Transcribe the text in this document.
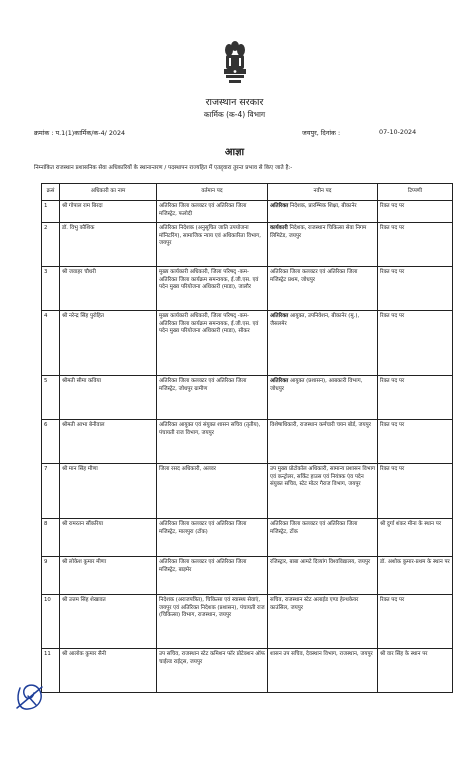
राजस्थान सरकार
कार्मिक (क-4) विभाग
क्रमांक : प.1(1)कार्मिक/क-4/ 2024	जयपुर, दिनांक :	07-10-2024
आज्ञा
निम्नांकित राजस्थान प्रशासनिक सेवा अधिकारियों के स्थानान्तरण / पदस्थापन राज्यहित में एतद्द्वारा तुरन्त प्रभाव से किए जाते है:-
क्रसं	अधिकारी का नाम	वर्तमान पद	नवीन पद	टिप्पणी
1	श्री गोपाल राम बिरदा	अतिरिक्त जिला कलक्टर एवं अतिरिक्त जिला मजिस्ट्रेट, फलोदी	अतिरिक्त निदेशक, प्रारम्भिक शिक्षा, बीकानेर	रिक्त पद पर
2	डॉ. विभु कौशिक	अतिरिक्त निदेशक (अनुसूचित जाति उपयोजना मॉनिटरिंग), सामाजिक न्याय एवं अधिकारिता विभाग, जयपुर	कार्यकारी निदेशक, राजस्थान चिकित्सा सेवा निगम लिमिटेड, जयपुर	रिक्त पद पर
3	श्री जवाहर चौधरी	मुख्य कार्यकारी अधिकारी, जिला परिषद् -कम- अतिरिक्त जिला कार्यक्रम समन्वयक, ई.जी.एस. एवं पदेन मुख्य परियोजना अधिकारी (माडा), जालौर	अतिरिक्त जिला कलक्टर एवं अतिरिक्त जिला मजिस्ट्रेट प्रथम, जोधपुर	रिक्त पद पर
4	श्री नरेन्द्र सिंह पुरोहित	मुख्य कार्यकारी अधिकारी, जिला परिषद् -कम- अतिरिक्त जिला कार्यक्रम समन्वयक, ई.जी.एस. एवं पदेन मुख्य परियोजना अधिकारी (माडा), सीकर	अतिरिक्त आयुक्त, उपनिवेशन, बीकानेर (मु.), जैसलमेर	रिक्त पद पर
5	श्रीमती सीमा कविया	अतिरिक्त जिला कलक्टर एवं अतिरिक्त जिला मजिस्ट्रेट, जोधपुर ग्रामीण	अतिरिक्त आयुक्त (प्रशासन), आबकारी विभाग, जोधपुर	रिक्त पद पर
6	श्रीमती आभा बेनीवाल	अतिरिक्त आयुक्त एवं संयुक्त शासन सचिव (तृतीय), पंचायती राज विभाग, जयपुर	विशेषाधिकारी, राजस्थान कर्मचारी चयन बोर्ड, जयपुर	रिक्त पद पर
7	श्री मान सिंह मीणा	जिला रसद अधिकारी, अलवर	उप मुख्य प्रोटोकॉल अधिकारी, सामान्य प्रशासन विभाग एवं कन्ट्रोलर, सर्किट हाउस एवं नियंत्रक एंव पदेन संयुक्त सचिव, स्टेट मोटर गैराज विभाग, जयपुर	रिक्त पद पर
8	श्री रामरतन सौंकरिया	अतिरिक्त जिला कलक्टर एवं अतिरिक्त जिला मजिस्ट्रेट, मालपुरा (टोंक)	अतिरिक्त जिला कलक्टर एवं अतिरिक्त जिला मजिस्ट्रेट, टोंक	श्री दुर्गा शंकर मीना के स्थान पर
9	श्री लोकेश कुमार मीणा	अतिरिक्त जिला कलक्टर एवं अतिरिक्त जिला मजिस्ट्रेट, बाड़मेर	रजिस्ट्रार, बाबा आमटे दिव्यांग विश्वविद्यालय, जयपुर	डॉ. अशोक कुमार-प्रथम के स्थान पर
10	श्री उत्तम सिंह शेखावत	निदेशक (अराजपत्रित), चिकित्सा एवं स्वास्थ्य सेवाएं, जयपुर एवं अतिरिक्त निदेशक (प्रशासन), पंचायती राज (चिकित्सा) विभाग, राजस्थान, जयपुर	सचिव, राजस्थान स्टेट अलाईड एण्ड हेल्थकेयर काउंसिल, जयपुर	रिक्त पद पर
11	श्री आलोक कुमार सैनी	उप सचिव, राजस्थान स्टेट कमिशन फॉर प्रोटेक्शन ऑफ चाईल्ड राईट्स, जयपुर	शासन उप सचिव, देवस्थान विभाग, राजस्थान, जयपुर	श्री वार सिंह के स्थान पर
